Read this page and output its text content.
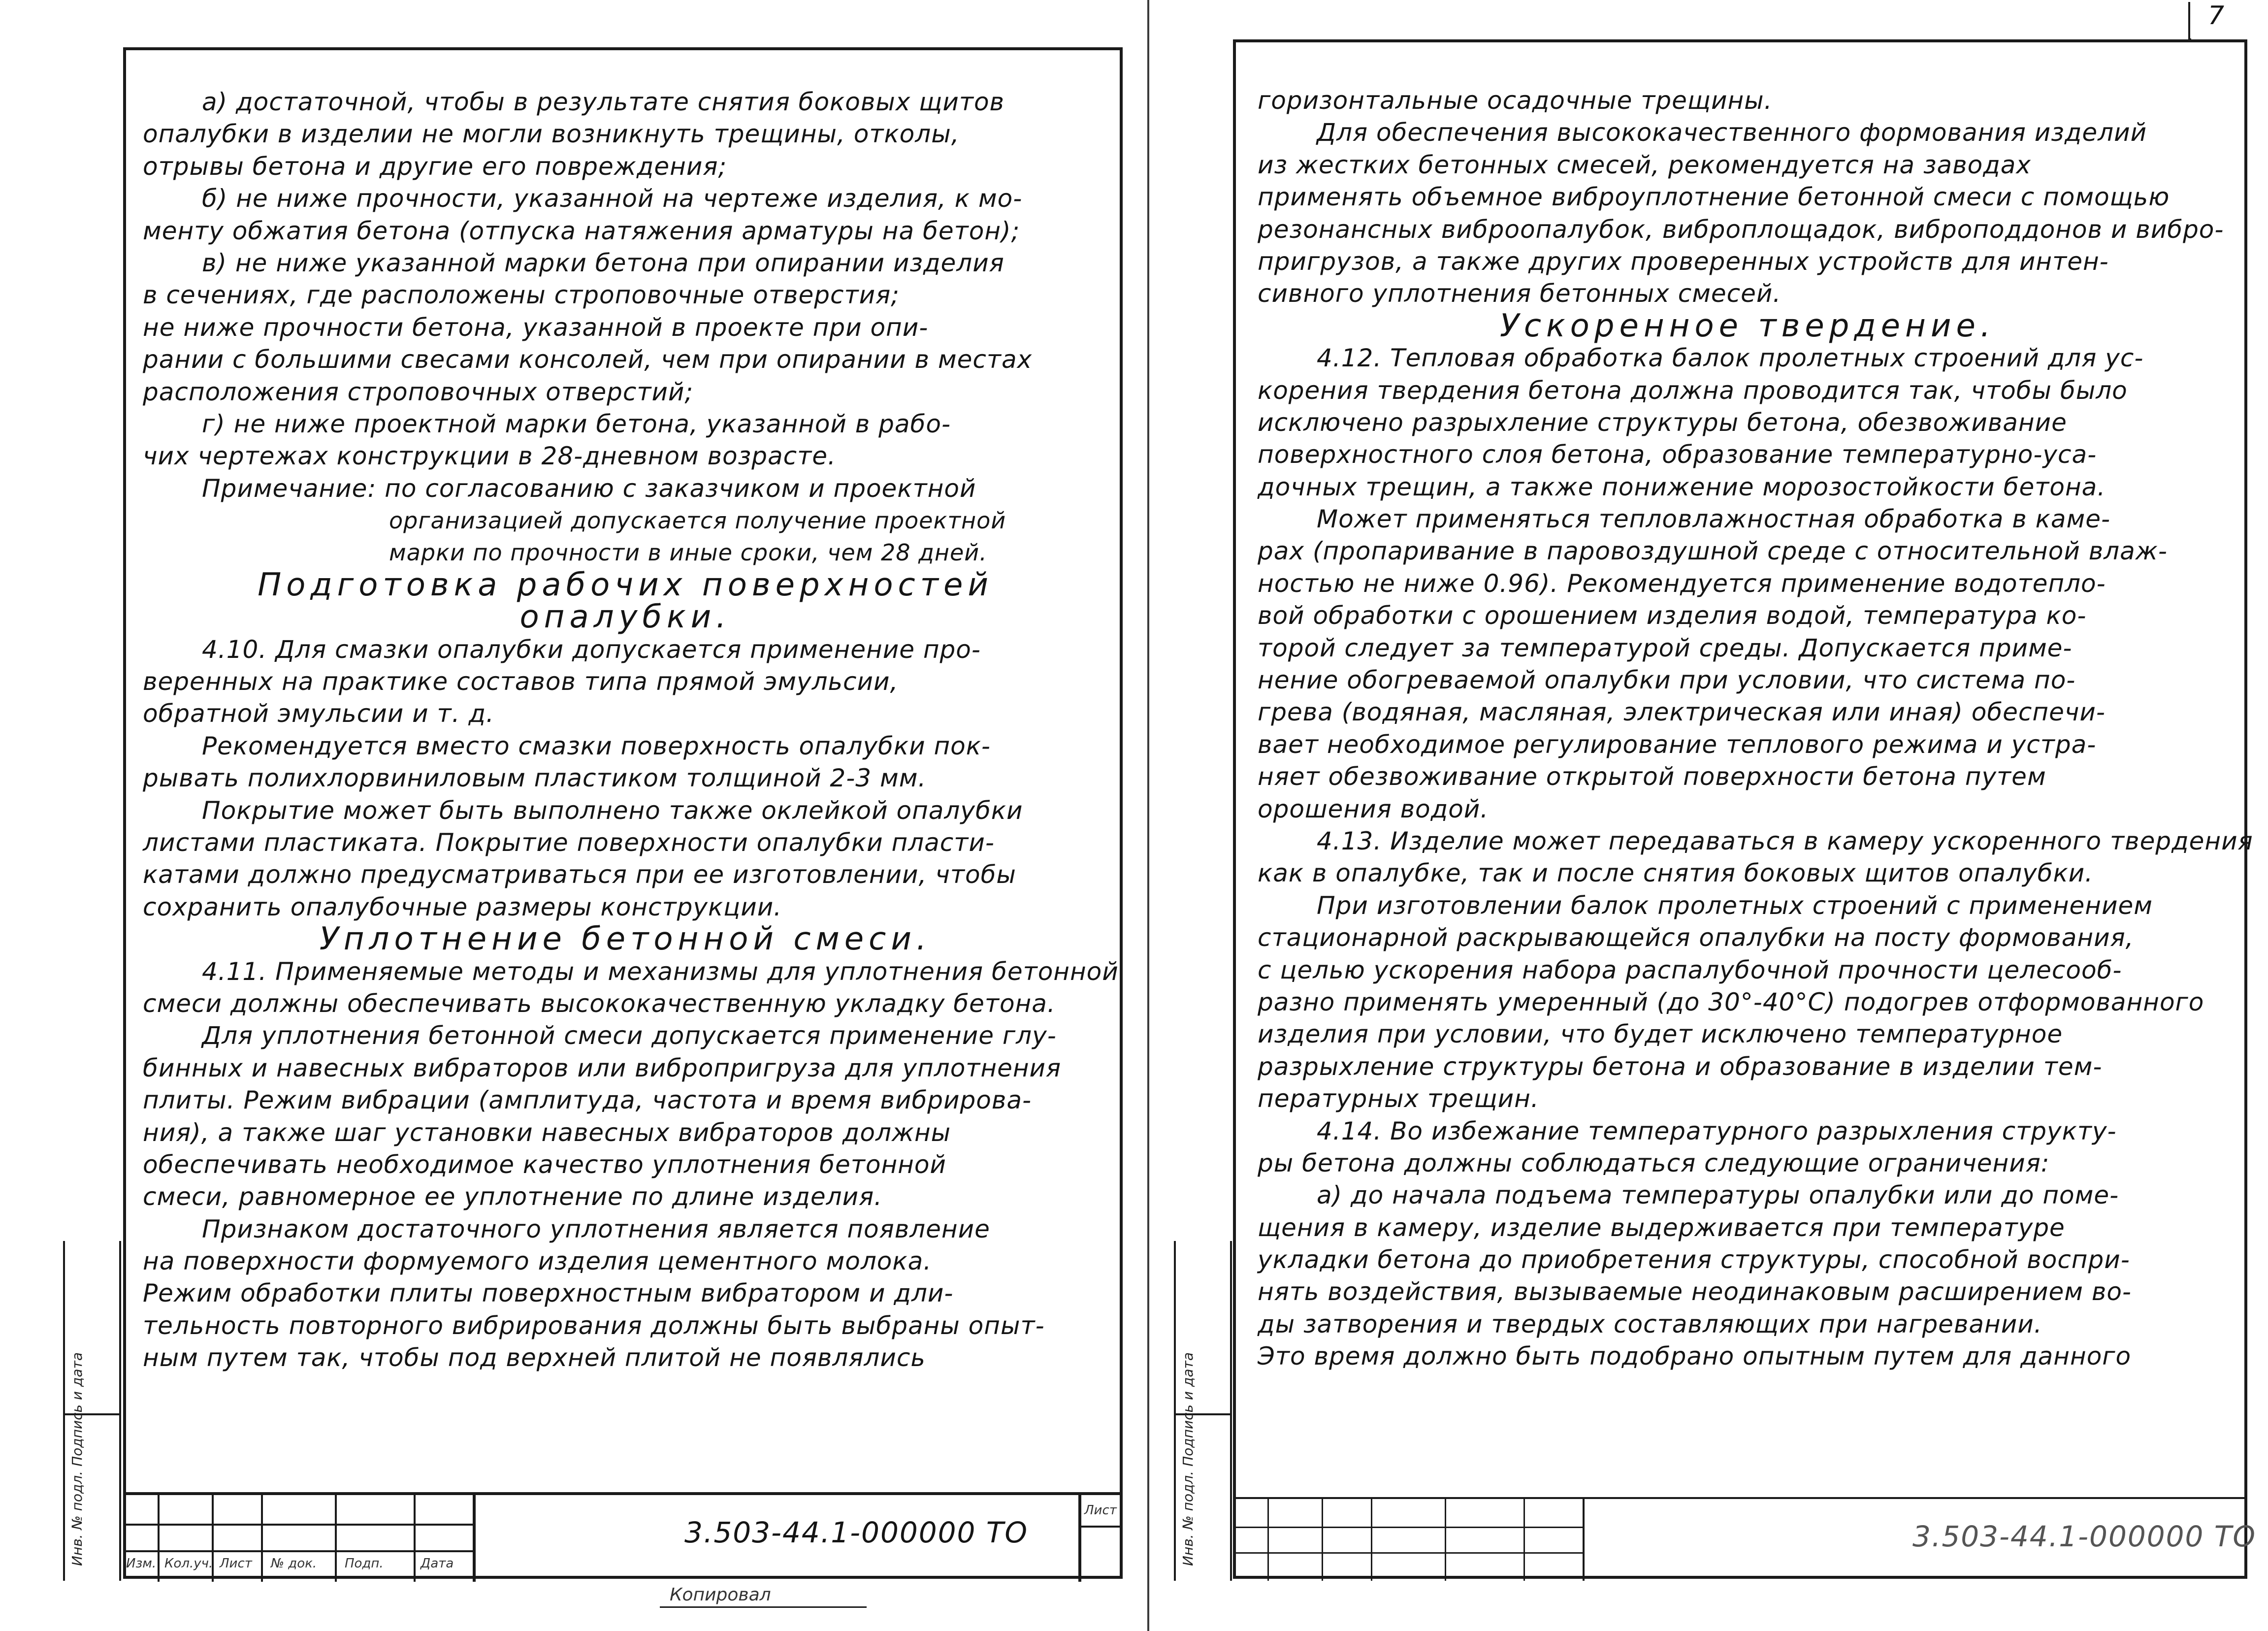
а) достаточной, чтобы в результате снятия боковых щитов

опалубки в изделии не могли возникнуть трещины, отколы,

отрывы бетона и другие его повреждения;

б) не ниже прочности, указанной на чертеже изделия, к мо-

менту обжатия бетона (отпуска натяжения арматуры на бетон);

в) не ниже указанной марки бетона при опирании изделия

в сечениях, где расположены строповочные отверстия;

не ниже прочности бетона, указанной в проекте при опи-

рании с большими свесами консолей, чем при опирании в местах

расположения строповочных отверстий;

г) не ниже проектной марки бетона, указанной в рабо-

чих чертежах конструкции в 28-дневном возрасте.

Примечание: по согласованию с заказчиком и проектной

организацией допускается получение проектной

марки по прочности в иные сроки, чем 28 дней.

Подготовка рабочих поверхностей

опалубки.

4.10. Для смазки опалубки допускается применение про-

веренных на практике составов типа прямой эмульсии,

обратной эмульсии и т. д.

Рекомендуется вместо смазки поверхность опалубки пок-

рывать полихлорвиниловым пластиком толщиной 2-3 мм.

Покрытие может быть выполнено также оклейкой опалубки

листами пластиката. Покрытие поверхности опалубки пласти-

катами должно предусматриваться при ее изготовлении, чтобы

сохранить опалубочные размеры конструкции.

Уплотнение бетонной смеси.

4.11. Применяемые методы и механизмы для уплотнения бетонной

смеси должны обеспечивать высококачественную укладку бетона.

Для уплотнения бетонной смеси допускается применение глу-

бинных и навесных вибраторов или вибропригруза для уплотнения

плиты. Режим вибрации (амплитуда, частота и время вибрирова-

ния), а также шаг установки навесных вибраторов должны

обеспечивать необходимое качество уплотнения бетонной

смеси, равномерное ее уплотнение по длине изделия.

Признаком достаточного уплотнения является появление

на поверхности формуемого изделия цементного молока.

Режим обработки плиты поверхностным вибратором и дли-

тельность повторного вибрирования должны быть выбраны опыт-

ным путем так, чтобы под верхней плитой не появлялись

Инв. № подл. Подпись и дата	Изм. Кол.уч. Лист № док. Подп.	Дата
Лист
3.503-44.1-000000 ТО
Копировал
7

горизонтальные осадочные трещины.

Для обеспечения высококачественного формования изделий

из жестких бетонных смесей, рекомендуется на заводах

применять объемное виброуплотнение бетонной смеси с помощью

резонансных виброопалубок, виброплощадок, виброподдонов и вибро-

пригрузов, а также других проверенных устройств для интен-

сивного уплотнения бетонных смесей.

Ускоренное твердение.

4.12. Тепловая обработка балок пролетных строений для ус-

корения твердения бетона должна проводится так, чтобы было

исключено разрыхление структуры бетона, обезвоживание

поверхностного слоя бетона, образование температурно-уса-

дочных трещин, а также понижение морозостойкости бетона.

Может применяться тепловлажностная обработка в каме-

рах (пропаривание в паровоздушной среде с относительной влаж-

ностью не ниже 0.96). Рекомендуется применение водотепло-

вой обработки с орошением изделия водой, температура ко-

торой следует за температурой среды. Допускается приме-

нение обогреваемой опалубки при условии, что система по-

грева (водяная, масляная, электрическая или иная) обеспечи-

вает необходимое регулирование теплового режима и устра-

няет обезвоживание открытой поверхности бетона путем

орошения водой.

4.13. Изделие может передаваться в камеру ускоренного твердения

как в опалубке, так и после снятия боковых щитов опалубки.

При изготовлении балок пролетных строений с применением

стационарной раскрывающейся опалубки на посту формования,

с целью ускорения набора распалубочной прочности целесооб-

разно применять умеренный (до 30°-40°С) подогрев отформованного

изделия при условии, что будет исключено температурное

разрыхление структуры бетона и образование в изделии тем-

пературных трещин.

4.14. Во избежание температурного разрыхления структу-

ры бетона должны соблюдаться следующие ограничения:

а) до начала подъема температуры опалубки или до поме-

щения в камеру, изделие выдерживается при температуре

укладки бетона до приобретения структуры, способной воспри-

нять воздействия, вызываемые неодинаковым расширением во-

ды затворения и твердых составляющих при нагревании.

Это время должно быть подобрано опытным путем для данного

Инв. № подл. Подпись и дата	3.503-44.1-000000 ТО
